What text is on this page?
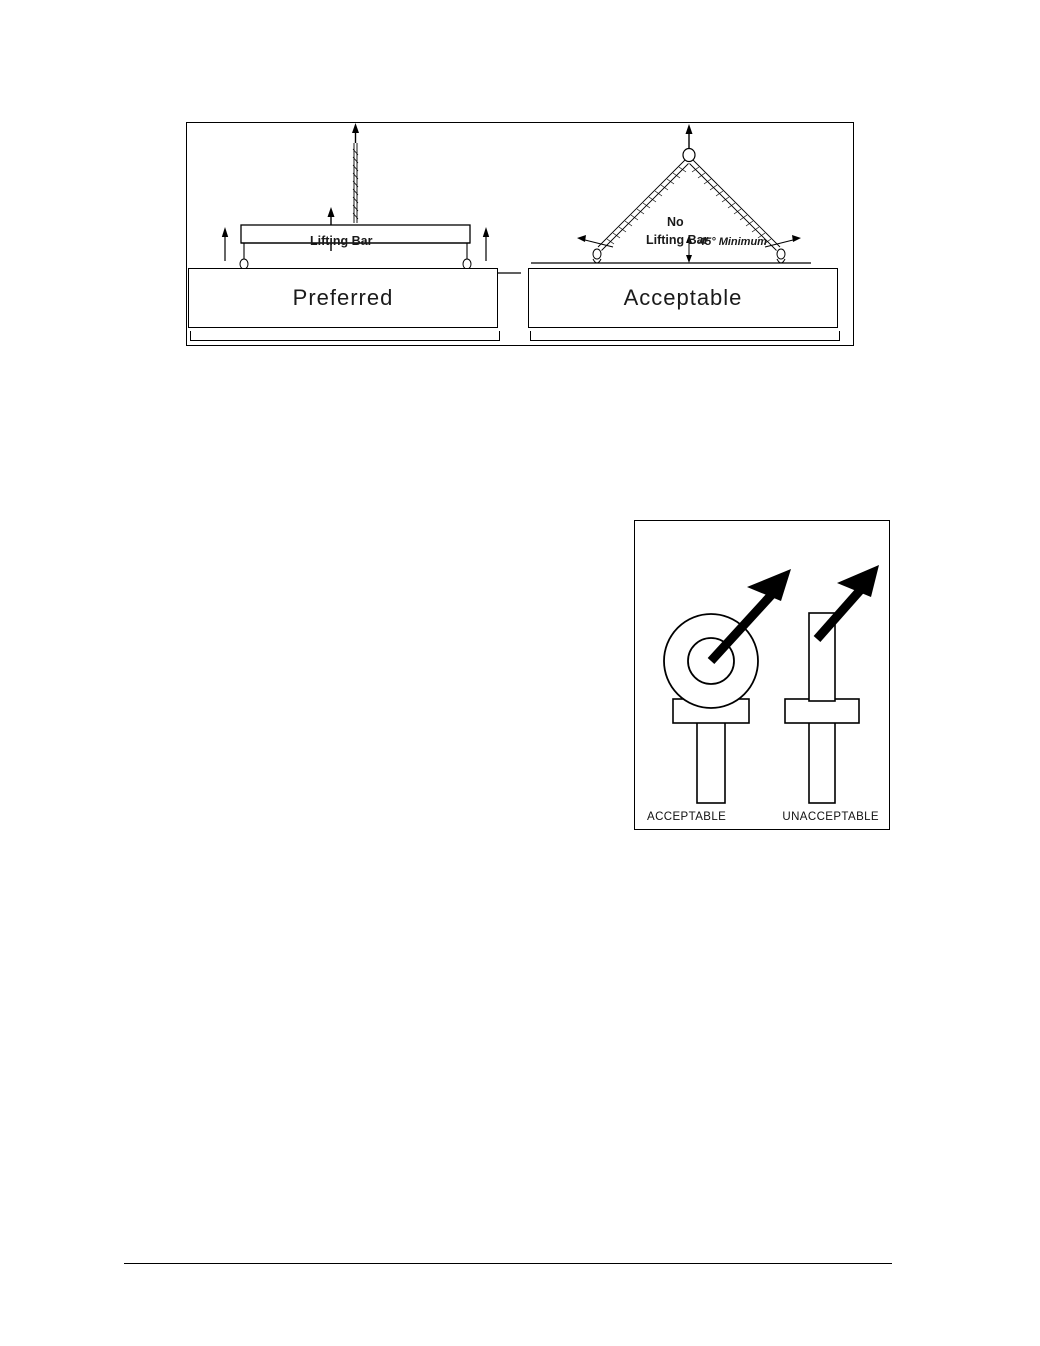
Lifting Bar
No
Lifting Bar
45° Minimum
Preferred	Acceptable
ACCEPTABLE	UNACCEPTABLE
